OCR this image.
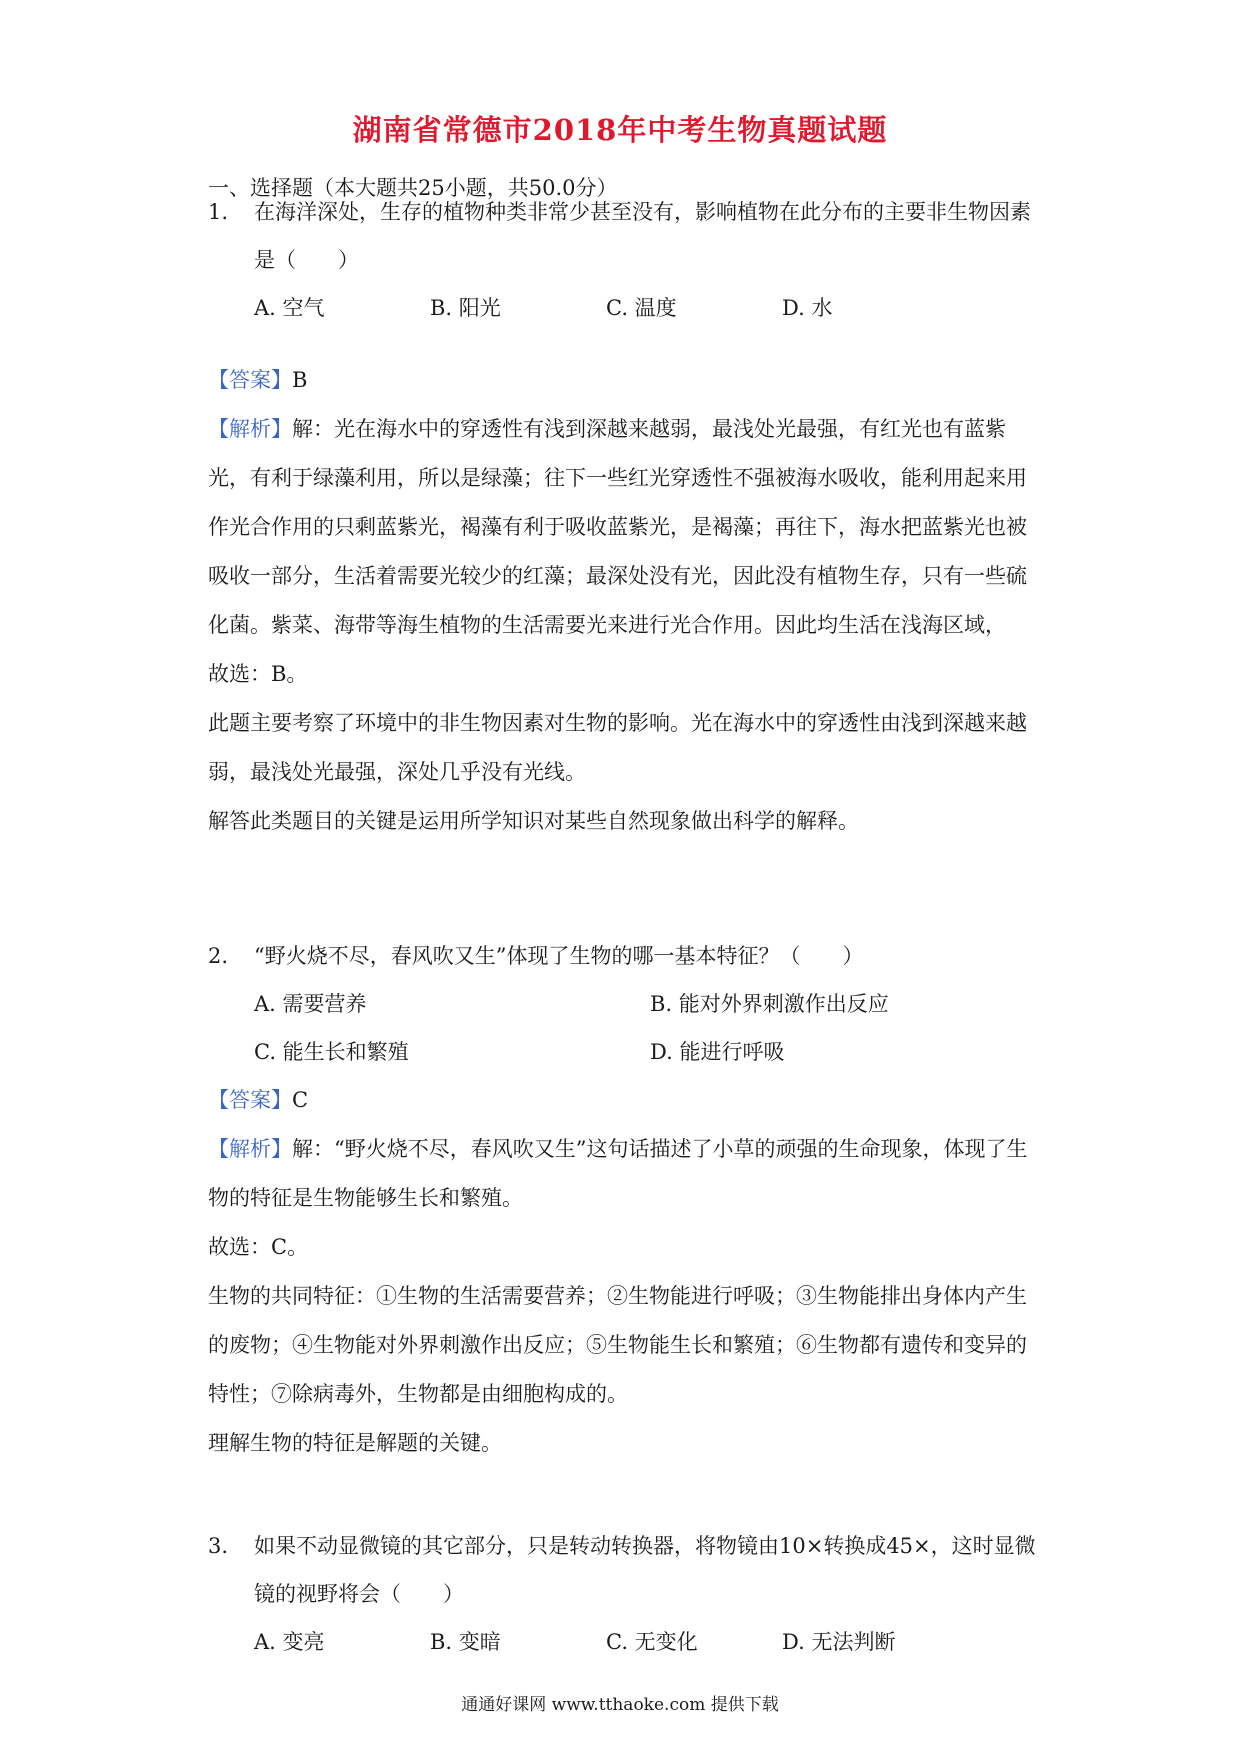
湖南省常德市2018年中考生物真题试题
一、选择题（本大题共25小题，共50.0分）
1. 在海洋深处，生存的植物种类非常少甚至没有，影响植物在此分布的主要非生物因素是（　　）
A. 空气	B. 阳光	C. 温度	D. 水

【答案】B

【解析】解：光在海水中的穿透性有浅到深越来越弱，最浅处光最强，有红光也有蓝紫光，有利于绿藻利用，所以是绿藻；往下一些红光穿透性不强被海水吸收，能利用起来用作光合作用的只剩蓝紫光，褐藻有利于吸收蓝紫光，是褐藻；再往下，海水把蓝紫光也被吸收一部分，生活着需要光较少的红藻；最深处没有光，因此没有植物生存，只有一些硫化菌。紫菜、海带等海生植物的生活需要光来进行光合作用。因此均生活在浅海区域，

故选：B。

此题主要考察了环境中的非生物因素对生物的影响。光在海水中的穿透性由浅到深越来越弱，最浅处光最强，深处几乎没有光线。

解答此类题目的关键是运用所学知识对某些自然现象做出科学的解释。

2. “野火烧不尽，春风吹又生”体现了生物的哪一基本特征？（　　）
A. 需要营养	B. 能对外界刺激作出反应
C. 能生长和繁殖	D. 能进行呼吸

【答案】C

【解析】解：“野火烧不尽，春风吹又生”这句话描述了小草的顽强的生命现象，体现了生物的特征是生物能够生长和繁殖。

故选：C。

生物的共同特征：①生物的生活需要营养；②生物能进行呼吸；③生物能排出身体内产生的废物；④生物能对外界刺激作出反应；⑤生物能生长和繁殖；⑥生物都有遗传和变异的特性；⑦除病毒外，生物都是由细胞构成的。

理解生物的特征是解题的关键。

3. 如果不动显微镜的其它部分，只是转动转换器，将物镜由10×转换成45×，这时显微镜的视野将会（　　）
A. 变亮	B. 变暗	C. 无变化	D. 无法判断
通通好课网 www.tthaoke.com 提供下载
